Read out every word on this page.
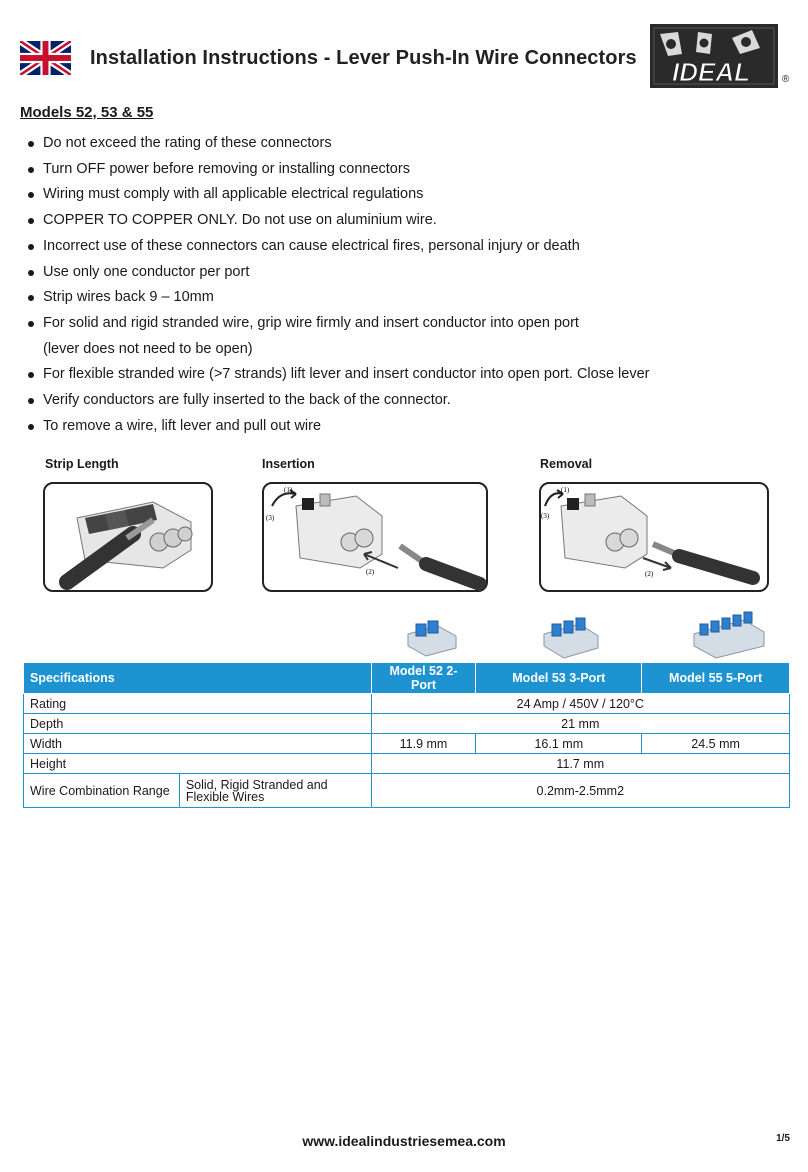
Installation Instructions - Lever Push-In Wire Connectors IDEAL	®
Models 52, 53 & 55
Do not exceed the rating of these connectors
Turn OFF power before removing or installing connectors
Wiring must comply with all applicable electrical regulations
COPPER TO COPPER ONLY. Do not use on aluminium wire.
Incorrect use of these connectors can cause electrical fires, personal injury or death
Use only one conductor per port
Strip wires back 9 – 10mm
For solid and rigid stranded wire, grip wire firmly and insert conductor into open port
(lever does not need to be open)
For flexible stranded wire (>7 strands) lift lever and insert conductor into open port. Close lever
Verify conductors are fully inserted to the back of the connector.
To remove a wire, lift lever and pull out wire
Strip Length	Insertion	Removal
(1)
(3)
(2)
(1)
(3)
(2)
Specifications		Model 52 2-Port	Model 53 3-Port	Model 55 5-Port
Rating		24 Amp / 450V / 120°C		
Depth		21 mm		
Width		11.9 mm	16.1 mm	24.5 mm
Height		11.7 mm		
Wire Combination Range	Solid, Rigid Stranded and Flexible Wires	0.2mm-2.5mm2		
www.idealindustriesemea.com	1/5
